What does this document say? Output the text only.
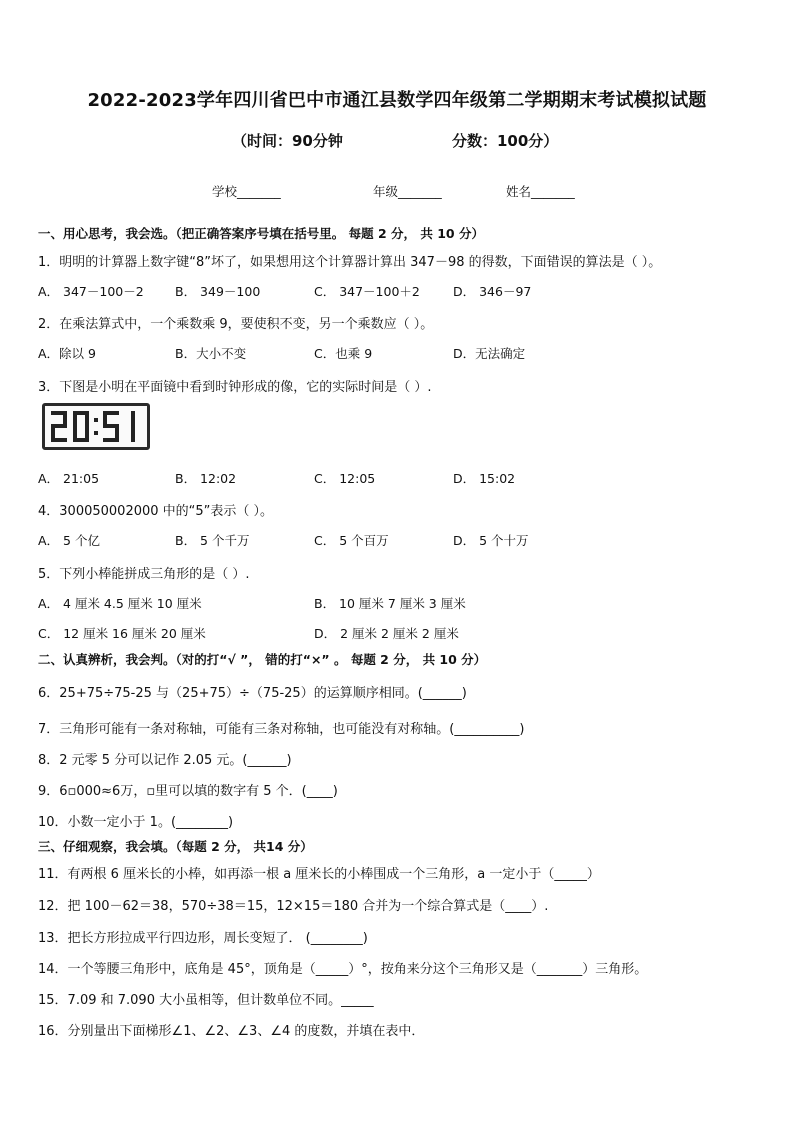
2022-2023学年四川省巴中市通江县数学四年级第二学期期末考试模拟试题
（时间：90分钟	分数：100分）
学校_______	年级_______	姓名_______
一、用心思考，我会选。（把正确答案序号填在括号里。 每题 2 分， 共 10 分）
1．明明的计算器上数字键“8”坏了，如果想用这个计算器计算出 347－98 的得数，下面错误的算法是（ ）。
A． 347－100－2	B． 349－100	C． 347－100＋2	D． 346－97
2．在乘法算式中，一个乘数乘 9，要使积不变，另一个乘数应（ ）。
A．除以 9	B．大小不变	C．也乘 9	D．无法确定
3．下图是小明在平面镜中看到时钟形成的像，它的实际时间是（ ）.
A． 21:05	B． 12:02	C． 12:05	D． 15:02
4．300050002000 中的“5”表示（ ）。
A． 5 个亿	B． 5 个千万	C． 5 个百万	D． 5 个十万
5．下列小棒能拼成三角形的是（ ）.
A． 4 厘米 4.5 厘米 10 厘米	B． 10 厘米 7 厘米 3 厘米
C． 12 厘米 16 厘米 20 厘米	D． 2 厘米 2 厘米 2 厘米
二、认真辨析，我会判。（对的打“√ ”， 错的打“×” 。 每题 2 分， 共 10 分）
6．25+75÷75-25 与（25+75）÷（75-25）的运算顺序相同。(______)
7．三角形可能有一条对称轴，可能有三条对称轴，也可能没有对称轴。(__________)
8．2 元零 5 分可以记作 2.05 元。(______)
9．6▫000≈6万，▫里可以填的数字有 5 个．(____)
10．小数一定小于 1。(________)
三、仔细观察，我会填。（每题 2 分， 共14 分）
11．有两根 6 厘米长的小棒，如再添一根 a 厘米长的小棒围成一个三角形，a 一定小于（_____）
12．把 100－62＝38，570÷38＝15，12×15＝180 合并为一个综合算式是（____）.
13．把长方形拉成平行四边形，周长变短了． (________)
14．一个等腰三角形中，底角是 45°，顶角是（_____）°，按角来分这个三角形又是（_______）三角形。
15．7.09 和 7.090 大小虽相等，但计数单位不同。_____
16．分别量出下面梯形∠1、∠2、∠3、∠4 的度数，并填在表中．
